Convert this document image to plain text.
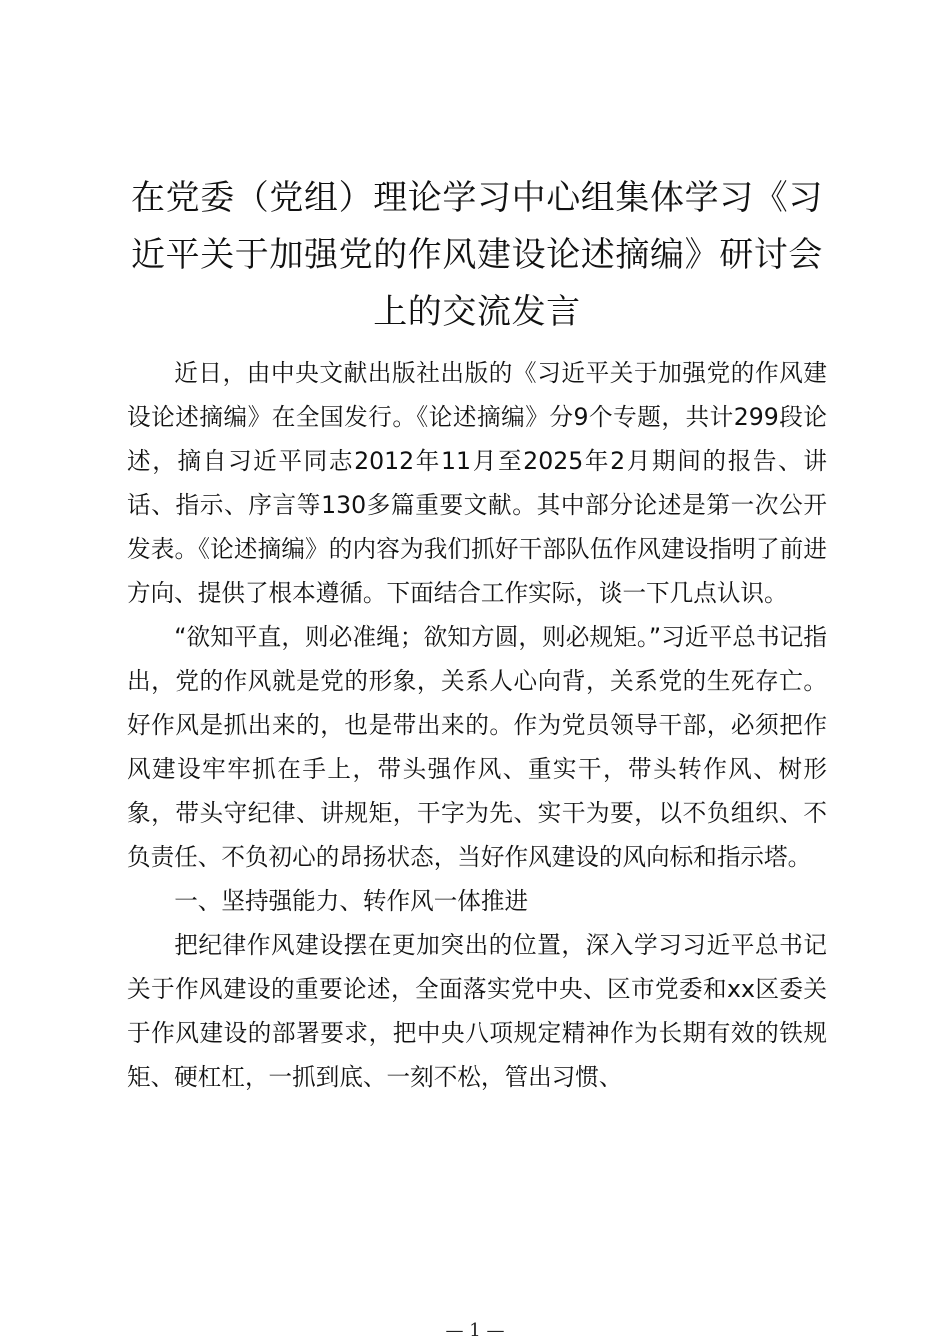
在党委（党组）理论学习中心组集体学习《习近平关于加强党的作风建设论述摘编》研讨会上的交流发言

近日，由中央文献出版社出版的《习近平关于加强党的作风建设论述摘编》在全国发行。《论述摘编》分9个专题，共计299段论述，摘自习近平同志2012年11月至2025年2月期间的报告、讲话、指示、序言等130多篇重要文献。其中部分论述是第一次公开发表。《论述摘编》的内容为我们抓好干部队伍作风建设指明了前进方向、提供了根本遵循。下面结合工作实际，谈一下几点认识。

“欲知平直，则必准绳；欲知方圆，则必规矩。”习近平总书记指出，党的作风就是党的形象，关系人心向背，关系党的生死存亡。好作风是抓出来的，也是带出来的。作为党员领导干部，必须把作风建设牢牢抓在手上，带头强作风、重实干，带头转作风、树形象，带头守纪律、讲规矩，干字为先、实干为要，以不负组织、不负责任、不负初心的昂扬状态，当好作风建设的风向标和指示塔。

一、坚持强能力、转作风一体推进

把纪律作风建设摆在更加突出的位置，深入学习习近平总书记关于作风建设的重要论述，全面落实党中央、区市党委和xx区委关于作风建设的部署要求，把中央八项规定精神作为长期有效的铁规矩、硬杠杠，一抓到底、一刻不松，管出习惯、

— 1 —
